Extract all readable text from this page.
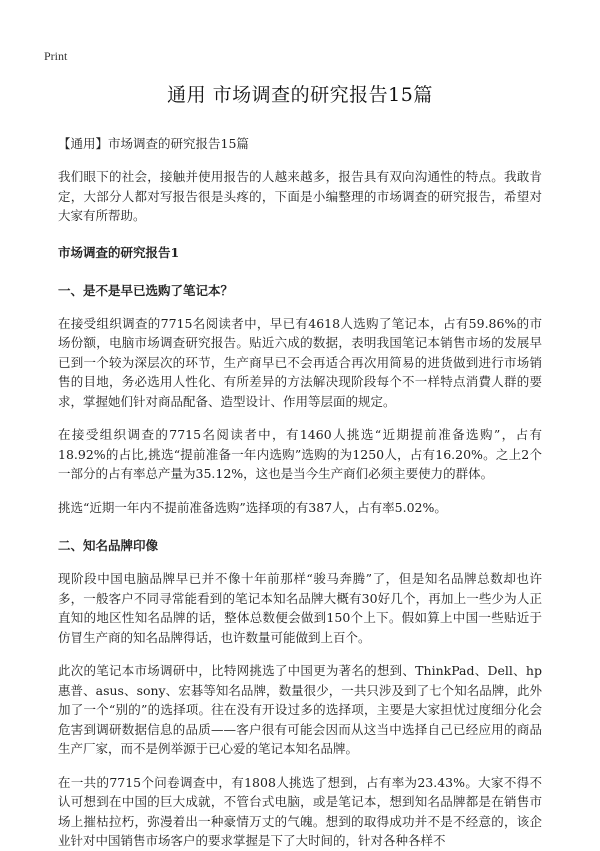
Print
通用 市场调查的研究报告15篇
【通用】市场调查的研究报告15篇

我们眼下的社会，接触并使用报告的人越来越多，报告具有双向沟通性的特点。我敢肯定，大部分人都对写报告很是头疼的，下面是小编整理的市场调查的研究报告，希望对大家有所帮助。

市场调查的研究报告1
一、是不是早已选购了笔记本？

在接受组织调查的7715名阅读者中，早已有4618人选购了笔记本，占有59.86%的市场份额，电脑市场调查研究报告。贴近六成的数据，表明我国笔记本销售市场的发展早已到一个较为深层次的环节，生产商早已不会再适合再次用简易的进货做到进行市场销售的目地，务必选用人性化、有所差异的方法解决现阶段每个不一样特点消費人群的要求，掌握她们针对商品配备、造型设计、作用等层面的规定。

在接受组织调查的7715名阅读者中，有1460人挑选“近期提前准备选购”，占有18.92%的占比,挑选“提前准备一年内选购”选购的为1250人，占有16.20%。之上2个一部分的占有率总产量为35.12%，这也是当今生产商们必须主要使力的群体。

挑选“近期一年内不提前准备选购”选择项的有387人，占有率5.02%。

二、知名品牌印像

现阶段中国电脑品牌早已并不像十年前那样“骏马奔腾”了，但是知名品牌总数却也许多，一般客户不同寻常能看到的笔记本知名品牌大概有30好几个，再加上一些少为人正直知的地区性知名品牌的话，整体总数便会做到150个上下。假如算上中国一些贴近于仿冒生产商的知名品牌得话，也许数量可能做到上百个。

此次的笔记本市场调研中，比特网挑选了中国更为著名的想到、ThinkPad、Dell、hp惠普、asus、sony、宏碁等知名品牌，数量很少，一共只涉及到了七个知名品牌，此外加了一个“别的”的选择项。往在没有开设过多的选择项，主要是大家担忧过度细分化会危害到调研数据信息的品质——客户很有可能会因而从这当中选择自己已经应用的商品生产厂家，而不是例举源于已心爱的笔记本知名品牌。

在一共的7715个问卷调查中，有1808人挑选了想到，占有率为23.43%。大家不得不认可想到在中国的巨大成就，不管台式电脑，或是笔记本，想到知名品牌都是在销售市场上摧枯拉朽，弥漫着出一种豪情万丈的气魄。想到的取得成功并不是不经意的，该企业针对中国销售市场客户的要求掌握是下了大时间的，针对各种各样不
